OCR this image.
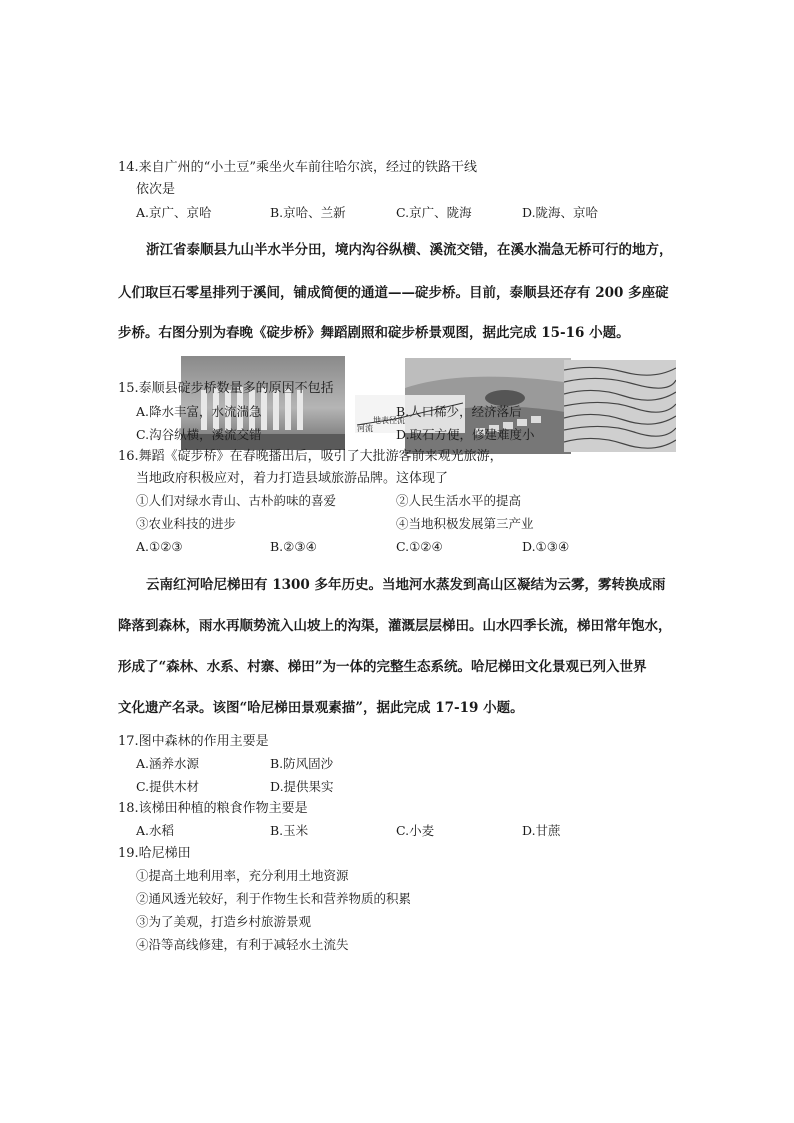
14.来自广州的“小土豆”乘坐火车前往哈尔滨，经过的铁路干线
依次是
A.京广、京哈	B.京哈、兰新	C.京广、陇海	D.陇海、京哈
浙江省泰顺县九山半水半分田，境内沟谷纵横、溪流交错，在溪水湍急无桥可行的地方，
人们取巨石零星排列于溪间，铺成简便的通道——碇步桥。目前，泰顺县还存有 200 多座碇
步桥。右图分别为春晚《碇步桥》舞蹈剧照和碇步桥景观图，据此完成 15-16 小题。
地表径流
河流
15.泰顺县碇步桥数量多的原因不包括
A.降水丰富，水流湍急	B.人口稀少，经济落后
C.沟谷纵横，溪流交错	D.取石方便，修建难度小
16.舞蹈《碇步桥》在春晚播出后，吸引了大批游客前来观光旅游，
当地政府积极应对，着力打造县域旅游品牌。这体现了
①人们对绿水青山、古朴韵味的喜爱	②人民生活水平的提高
③农业科技的进步	④当地积极发展第三产业
A.①②③	B.②③④	C.①②④	D.①③④
云南红河哈尼梯田有 1300 多年历史。当地河水蒸发到高山区凝结为云雾，雾转换成雨
降落到森林，雨水再顺势流入山坡上的沟渠，灌溉层层梯田。山水四季长流，梯田常年饱水，
形成了“森林、水系、村寨、梯田”为一体的完整生态系统。哈尼梯田文化景观已列入世界
文化遗产名录。该图“哈尼梯田景观素描”，据此完成 17-19 小题。
17.图中森林的作用主要是
A.涵养水源	B.防风固沙
C.提供木材	D.提供果实
18.该梯田种植的粮食作物主要是
A.水稻	B.玉米	C.小麦	D.甘蔗
19.哈尼梯田
①提高土地利用率，充分利用土地资源
②通风透光较好，利于作物生长和营养物质的积累
③为了美观，打造乡村旅游景观
④沿等高线修建，有利于减轻水土流失
